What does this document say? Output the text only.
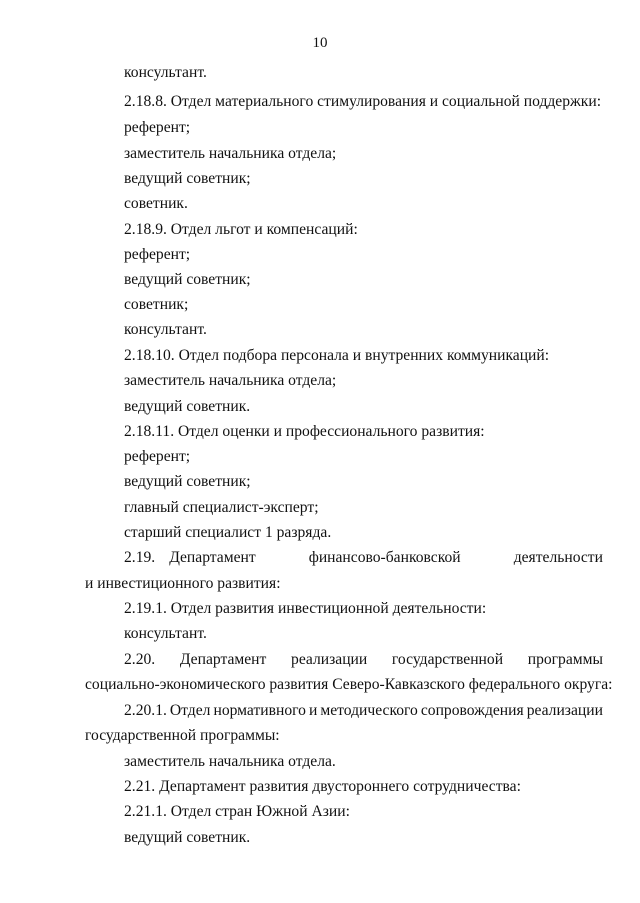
10
консультант.
2.18.8. Отдел материального стимулирования и социальной поддержки:
референт;
заместитель начальника отдела;
ведущий советник;
советник.
2.18.9. Отдел льгот и компенсаций:
референт;
ведущий советник;
советник;
консультант.
2.18.10. Отдел подбора персонала и внутренних коммуникаций:
заместитель начальника отдела;
ведущий советник.
2.18.11. Отдел оценки и профессионального развития:
референт;
ведущий советник;
главный специалист-эксперт;
старший специалист 1 разряда.
2.19. Департамент	финансово-банковской	деятельности
и инвестиционного развития:
2.19.1. Отдел развития инвестиционной деятельности:
консультант.
2.20. Департамент реализации государственной программы
социально-экономического развития Северо-Кавказского федерального округа:
2.20.1. Отдел нормативного и методического сопровождения реализации
государственной программы:
заместитель начальника отдела.
2.21. Департамент развития двустороннего сотрудничества:
2.21.1. Отдел стран Южной Азии:
ведущий советник.
